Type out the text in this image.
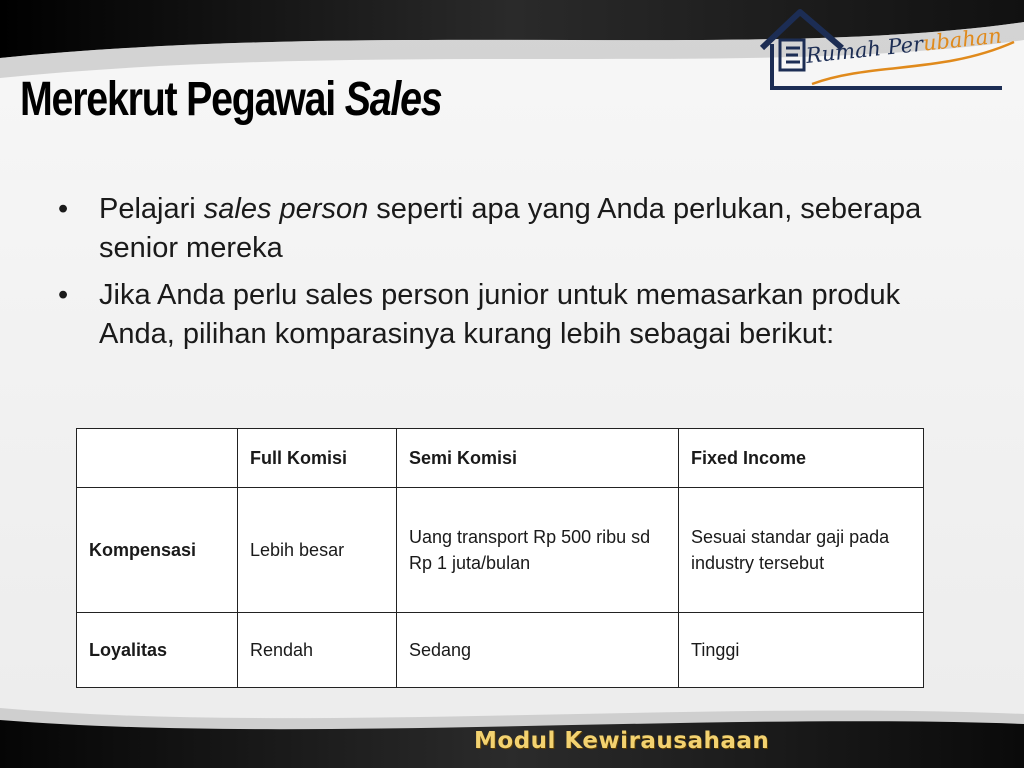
Rumah Perubahan
Merekrut Pegawai Sales
• Pelajari sales person seperti apa yang Anda perlukan, seberapa senior mereka
• Jika Anda perlu sales person junior untuk memasarkan produk Anda, pilihan komparasinya kurang lebih sebagai berikut:
	Full Komisi	Semi Komisi	Fixed Income
Kompensasi	Lebih besar	Uang transport Rp 500 ribu sd Rp 1 juta/bulan	Sesuai standar gaji pada industry tersebut
Loyalitas	Rendah	Sedang	Tinggi
Modul Kewirausahaan
